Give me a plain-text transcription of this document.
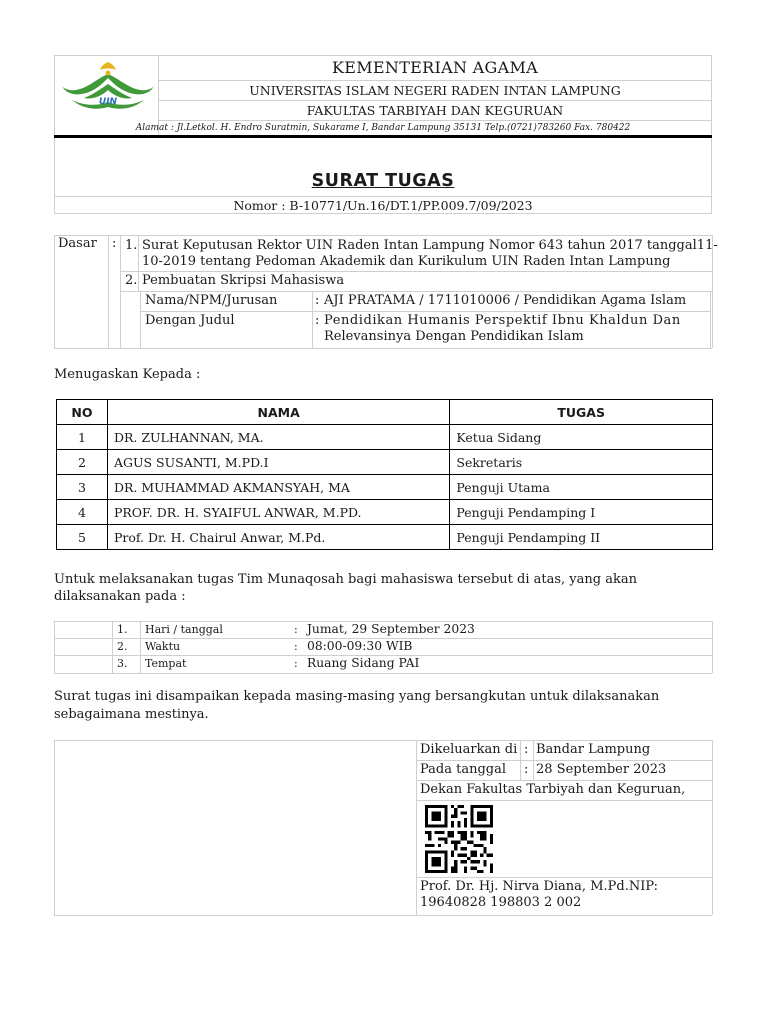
UIN
KEMENTERIAN AGAMA
UNIVERSITAS ISLAM NEGERI RADEN INTAN LAMPUNG
FAKULTAS TARBIYAH DAN KEGURUAN
Alamat : Jl.Letkol. H. Endro Suratmin, Sukarame I, Bandar Lampung 35131 Telp.(0721)783260 Fax. 780422
SURAT TUGAS
Nomor : B-10771/Un.16/DT.1/PP.009.7/09/2023
Dasar : 1. Surat Keputusan Rektor UIN Raden Intan Lampung Nomor 643 tahun 2017 tanggal11-
10-2019 tentang Pedoman Akademik dan Kurikulum UIN Raden Intan Lampung
2. Pembuatan Skripsi Mahasiswa
Nama/NPM/Jurusan	: AJI PRATAMA / 1711010006 / Pendidikan Agama Islam
Dengan Judul	: Pendidikan Humanis Perspektif Ibnu Khaldun Dan
Relevansinya Dengan Pendidikan Islam
Menugaskan Kepada :
NO	NAMA	TUGAS
1	DR. ZULHANNAN, MA.	Ketua Sidang
2	AGUS SUSANTI, M.PD.I	Sekretaris
3	DR. MUHAMMAD AKMANSYAH, MA	Penguji Utama
4	PROF. DR. H. SYAIFUL ANWAR, M.PD.	Penguji Pendamping I
5	Prof. Dr. H. Chairul Anwar, M.Pd.	Penguji Pendamping II
Untuk melaksanakan tugas Tim Munaqosah bagi mahasiswa tersebut di atas, yang akan
dilaksanakan pada :
1. Hari / tanggal	: Jumat, 29 September 2023
2. Waktu	: 08:00-09:30 WIB
3. Tempat	: Ruang Sidang PAI
Surat tugas ini disampaikan kepada masing-masing yang bersangkutan untuk dilaksanakan
sebagaimana mestinya.
Dikeluarkan di : Bandar Lampung
Pada tanggal : 28 September 2023
Dekan Fakultas Tarbiyah dan Keguruan,
Prof. Dr. Hj. Nirva Diana, M.Pd.NIP:
19640828 198803 2 002
